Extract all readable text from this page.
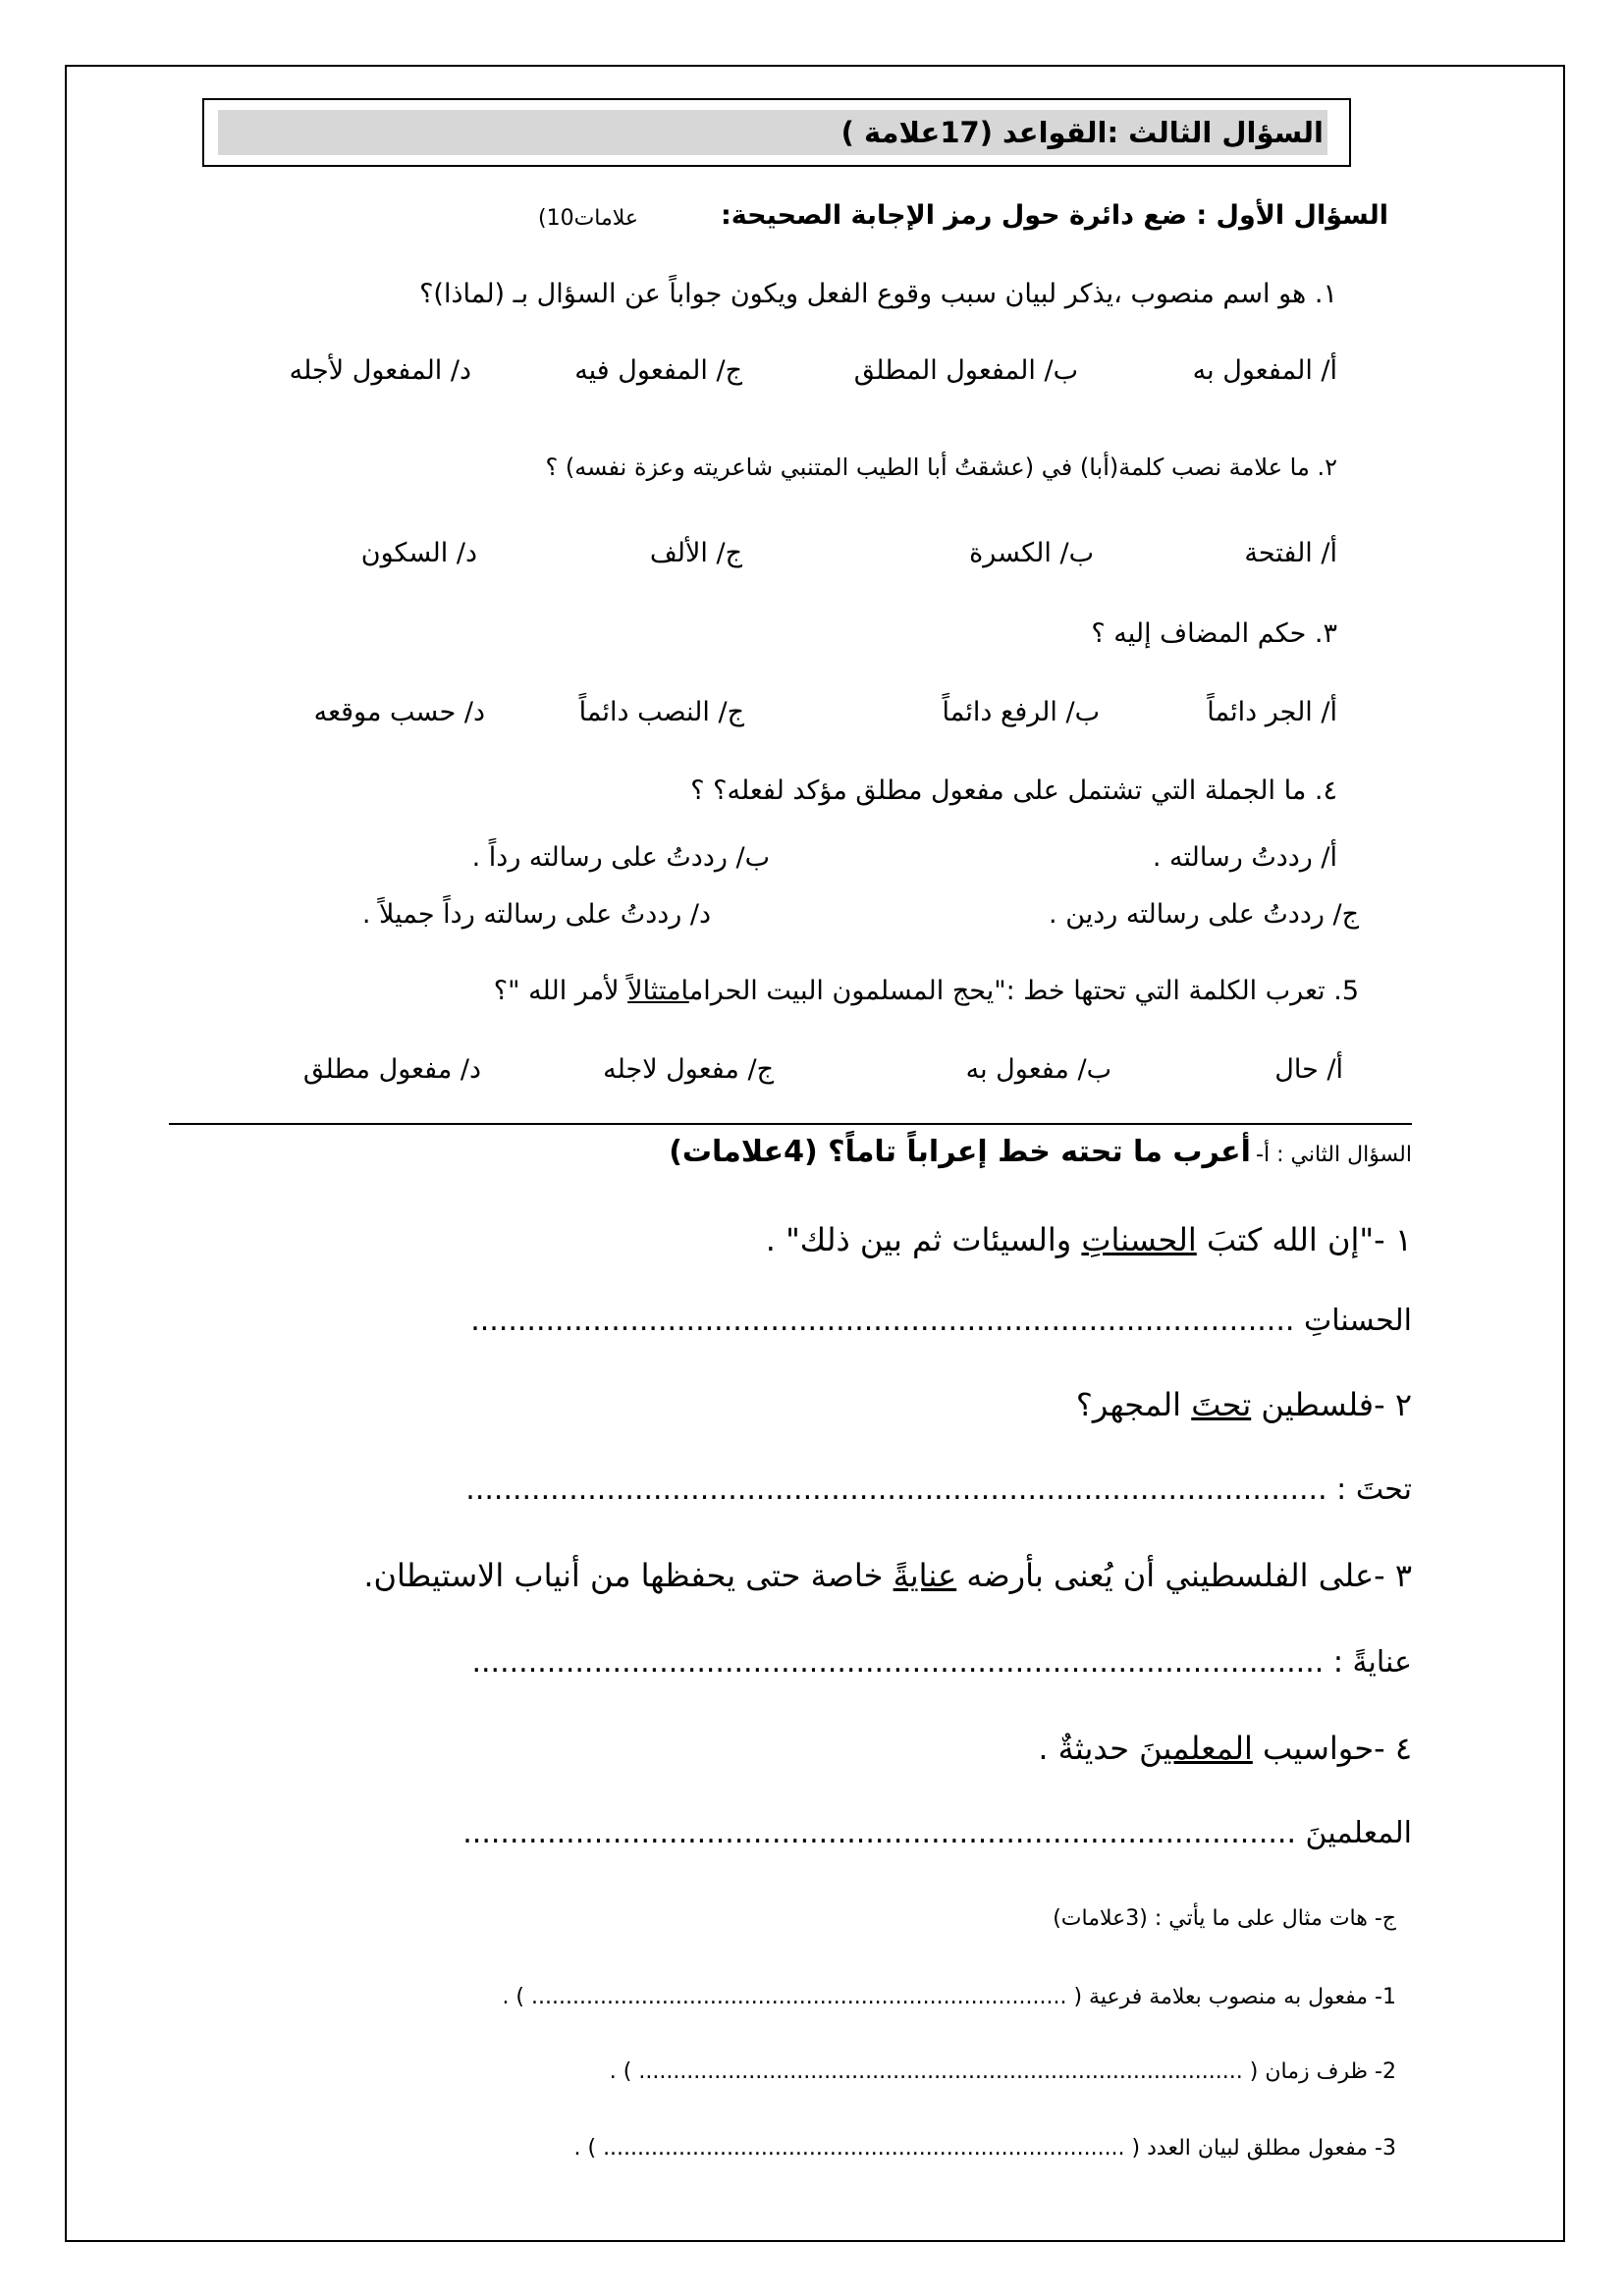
السؤال الثالث :القواعد (17علامة )
السؤال الأول : ضع دائرة حول رمز الإجابة الصحيحة:
(10علامات
١. هو اسم منصوب ،يذكر لبيان سبب وقوع الفعل ويكون جواباً عن السؤال بـ (لماذا)؟
أ/ المفعول به
ب/ المفعول المطلق
ج/ المفعول فيه
د/ المفعول لأجله
٢. ما علامة نصب كلمة(أبا) في (عشقتُ أبا الطيب المتنبي شاعريته وعزة نفسه) ؟
أ/ الفتحة
ب/ الكسرة
ج/ الألف
د/ السكون
٣. حكم المضاف إليه ؟
أ/ الجر دائماً
ب/ الرفع دائماً
ج/ النصب دائماً
د/ حسب موقعه
٤. ما الجملة التي تشتمل على مفعول مطلق مؤكد لفعله؟ ؟
أ/ رددتُ رسالته .
ب/ رددتُ على رسالته رداً .
ج/ رددتُ على رسالته ردين .
د/ رددتُ على رسالته رداً جميلاً .
5. تعرب الكلمة التي تحتها خط :"يحج المسلمون البيت الحرامامتثالاً لأمر الله "؟
أ/ حال
ب/ مفعول به
ج/ مفعول لاجله
د/ مفعول مطلق
السؤال الثاني : أ- أعرب ما تحته خط إعراباً تاماً؟ (4علامات)
١ -"إن الله كتبَ الحسناتِ والسيئات ثم بين ذلك" .
الحسناتِ ........................................................................................
٢ -فلسطين تحتَ المجهر؟
تحتَ : ............................................................................................
٣ -على الفلسطيني أن يُعنى بأرضه عنايةً خاصة حتى يحفظها من أنياب الاستيطان.
عنايةً : ...........................................................................................
٤ -حواسيب المعلمينَ حديثةٌ .
المعلمينَ .........................................................................................
ج- هات مثال على ما يأتي : (3علامات)
1- مفعول به منصوب بعلامة فرعية ( .............................................................................. ) .
2- ظرف زمان ( ........................................................................................ ) .
3- مفعول مطلق لبيان العدد ( ............................................................................ ) .
